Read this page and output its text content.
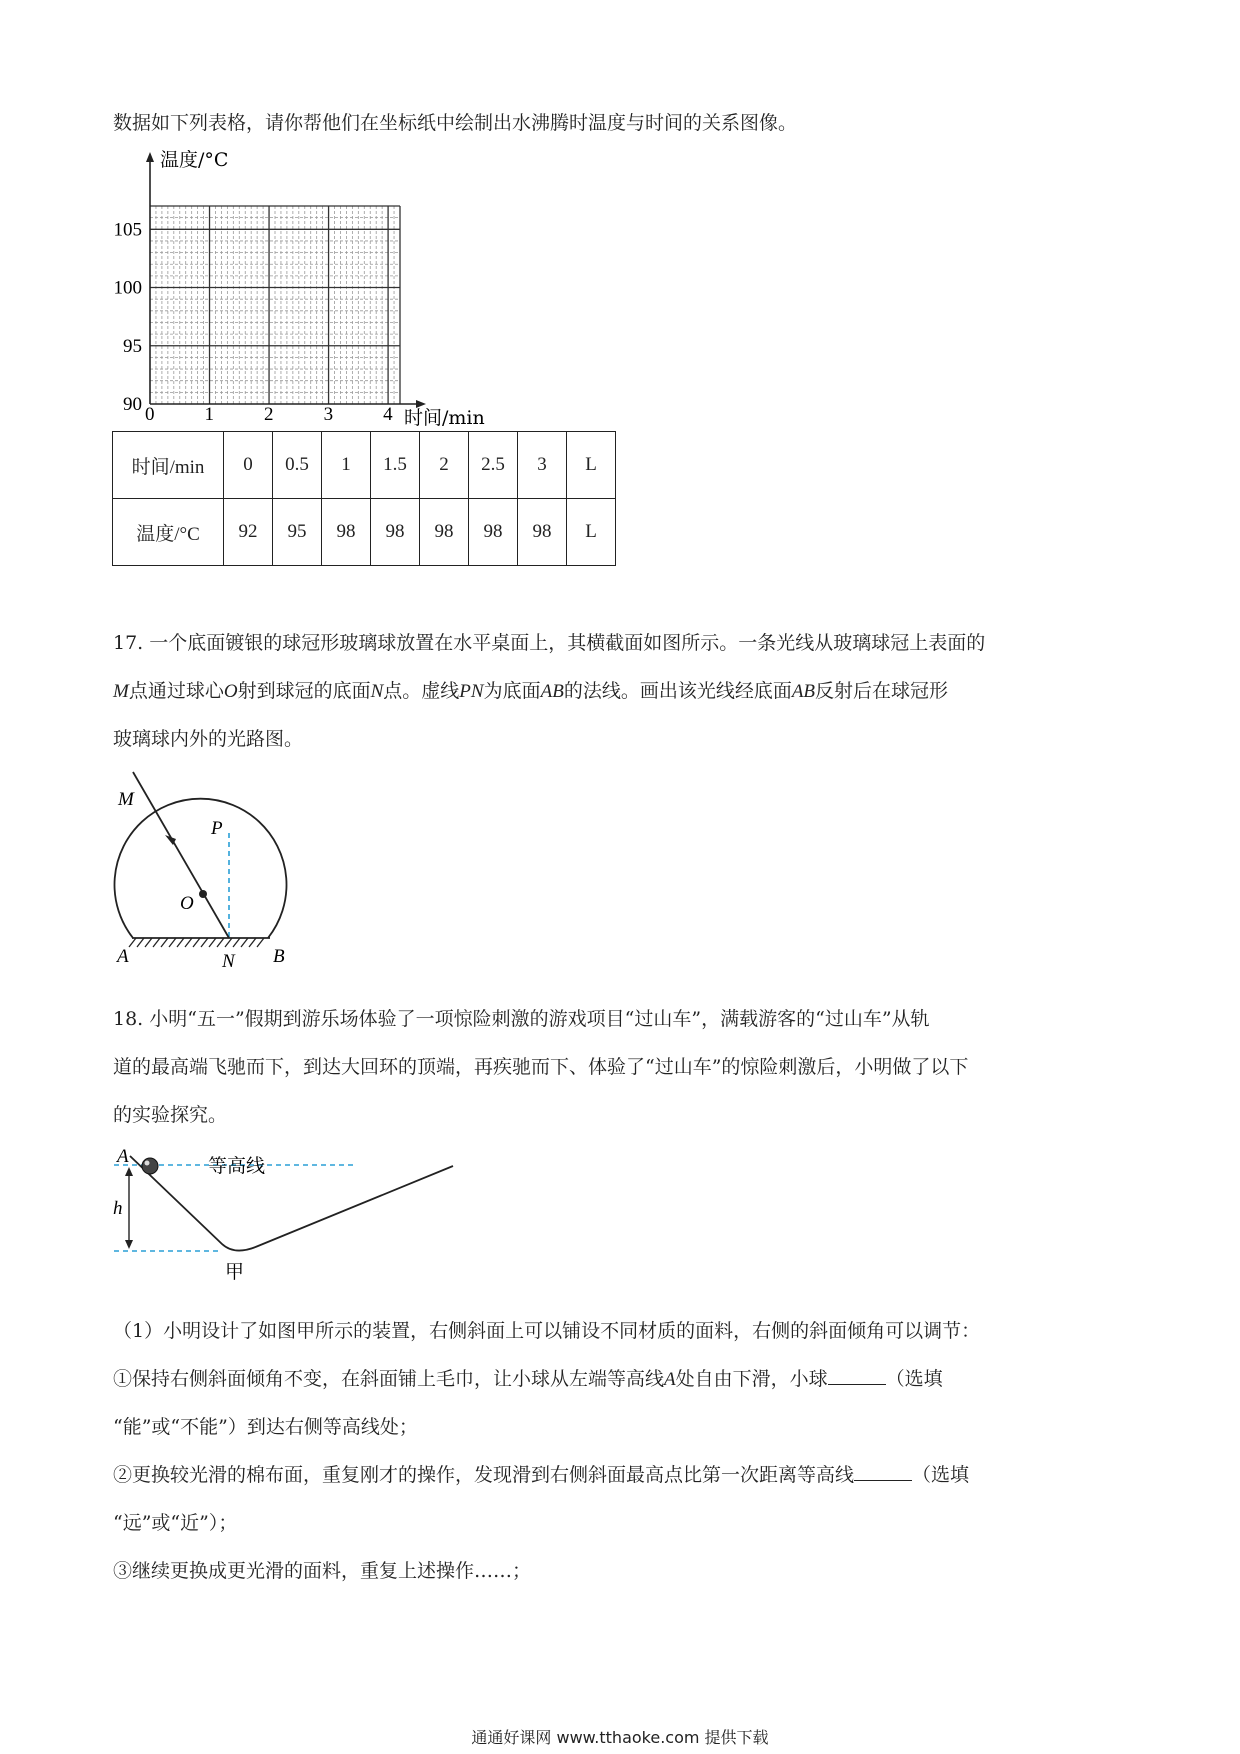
数据如下列表格，请你帮他们在坐标纸中绘制出水沸腾时温度与时间的关系图像。
0	1	2	3	4
90
95
100
105
温度/°C
时间/min
时间/min	0	0.5	1	1.5	2	2.5	3	L
温度/°C	92	95	98	98	98	98	98	L
17. 一个底面镀银的球冠形玻璃球放置在水平桌面上，其横截面如图所示。一条光线从玻璃球冠上表面的
M点通过球心O射到球冠的底面N点。虚线PN为底面AB的法线。画出该光线经底面AB反射后在球冠形
玻璃球内外的光路图。
M
P
O
A	N B
18. 小明“五一”假期到游乐场体验了一项惊险刺激的游戏项目“过山车”，满载游客的“过山车”从轨
道的最高端飞驰而下，到达大回环的顶端，再疾驰而下、体验了“过山车”的惊险刺激后，小明做了以下
的实验探究。
A	等高线
h
甲
（1）小明设计了如图甲所示的装置，右侧斜面上可以铺设不同材质的面料，右侧的斜面倾角可以调节：
①保持右侧斜面倾角不变，在斜面铺上毛巾，让小球从左端等高线A处自由下滑，小球	（选填
“能”或“不能”）到达右侧等高线处；
②更换较光滑的棉布面，重复刚才的操作，发现滑到右侧斜面最高点比第一次距离等高线	（选填
“远”或“近”）；
③继续更换成更光滑的面料，重复上述操作……；
通通好课网 www.tthaoke.com 提供下载
